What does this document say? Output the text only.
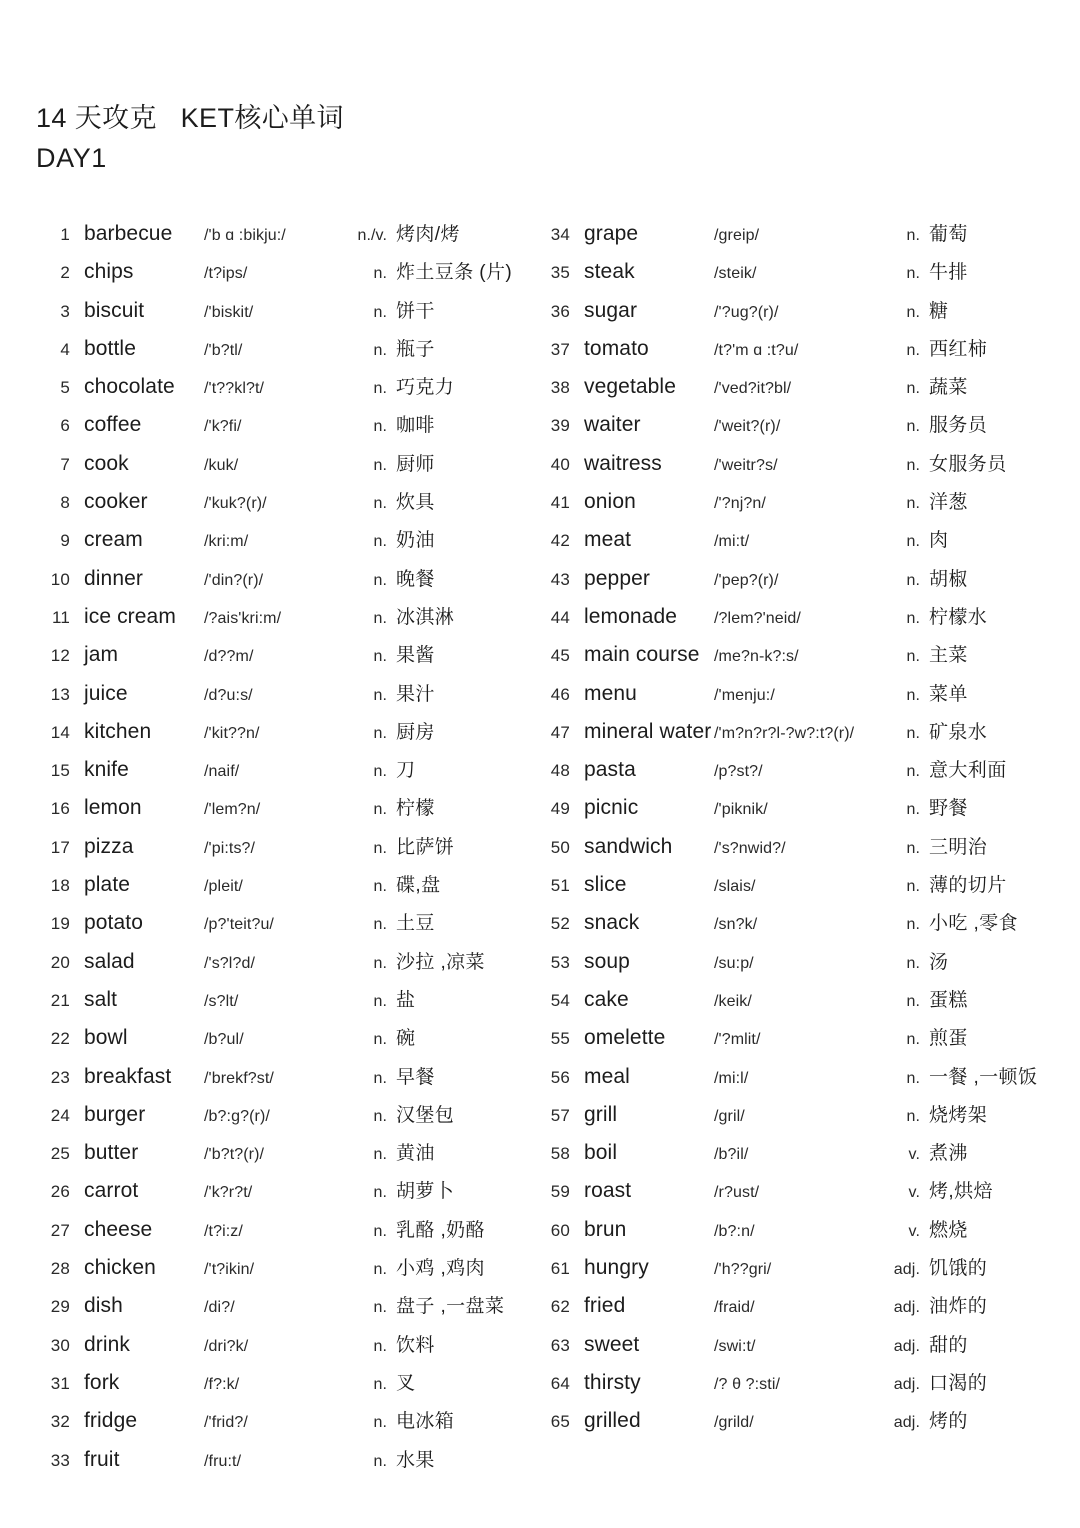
14 天攻克   KET核心单词
DAY1
1 barbecue	/'b ɑ :bikju:/	n./v. 烤肉/烤
2 chips	/t?ips/	n. 炸土豆条 (片)
3 biscuit	/'biskit/	n. 饼干
4 bottle	/'b?tl/	n. 瓶子
5 chocolate	/'t??kl?t/	n. 巧克力
6 coffee	/'k?fi/	n. 咖啡
7 cook	/kuk/	n. 厨师
8 cooker	/'kuk?(r)/	n. 炊具
9 cream	/kri:m/	n. 奶油
10 dinner	/'din?(r)/	n. 晚餐
11 ice cream	/?ais'kri:m/	n. 冰淇淋
12 jam	/d??m/	n. 果酱
13 juice	/d?u:s/	n. 果汁
14 kitchen	/'kit??n/	n. 厨房
15 knife	/naif/	n. 刀
16 lemon	/'lem?n/	n. 柠檬
17 pizza	/'pi:ts?/	n. 比萨饼
18 plate	/pleit/	n. 碟,盘
19 potato	/p?'teit?u/	n. 土豆
20 salad	/'s?l?d/	n. 沙拉 ,凉菜
21 salt	/s?lt/	n. 盐
22 bowl	/b?ul/	n. 碗
23 breakfast	/'brekf?st/	n. 早餐
24 burger	/b?:g?(r)/	n. 汉堡包
25 butter	/'b?t?(r)/	n. 黄油
26 carrot	/'k?r?t/	n. 胡萝卜
27 cheese	/t?i:z/	n. 乳酪 ,奶酪
28 chicken	/'t?ikin/	n. 小鸡 ,鸡肉
29 dish	/di?/	n. 盘子 ,一盘菜
30 drink	/dri?k/	n. 饮料
31 fork	/f?:k/	n. 叉
32 fridge	/'frid?/	n. 电冰箱
33 fruit	/fru:t/	n. 水果
34 grape	/greip/	n. 葡萄
35 steak	/steik/	n. 牛排
36 sugar	/'?ug?(r)/	n. 糖
37 tomato	/t?'m ɑ :t?u/	n. 西红柿
38 vegetable	/'ved?it?bl/	n. 蔬菜
39 waiter	/'weit?(r)/	n. 服务员
40 waitress	/'weitr?s/	n. 女服务员
41 onion	/'?nj?n/	n. 洋葱
42 meat	/mi:t/	n. 肉
43 pepper	/'pep?(r)/	n. 胡椒
44 lemonade	/?lem?'neid/	n. 柠檬水
45 main course /me?n-k?:s/	n. 主菜
46 menu	/'menju:/	n. 菜单
47 mineral water /'m?n?r?l-?w?:t?(r)/	n. 矿泉水
48 pasta	/p?st?/	n. 意大利面
49 picnic	/'piknik/	n. 野餐
50 sandwich	/'s?nwid?/	n. 三明治
51 slice	/slais/	n. 薄的切片
52 snack	/sn?k/	n. 小吃 ,零食
53 soup	/su:p/	n. 汤
54 cake	/keik/	n. 蛋糕
55 omelette	/'?mlit/	n. 煎蛋
56 meal	/mi:l/	n. 一餐 ,一顿饭
57 grill	/gril/	n. 烧烤架
58 boil	/b?il/	v. 煮沸
59 roast	/r?ust/	v. 烤,烘焙
60 brun	/b?:n/	v. 燃烧
61 hungry	/'h??gri/	adj. 饥饿的
62 fried	/fraid/	adj. 油炸的
63 sweet	/swi:t/	adj. 甜的
64 thirsty	/? θ ?:sti/	adj. 口渴的
65 grilled	/grild/	adj. 烤的
